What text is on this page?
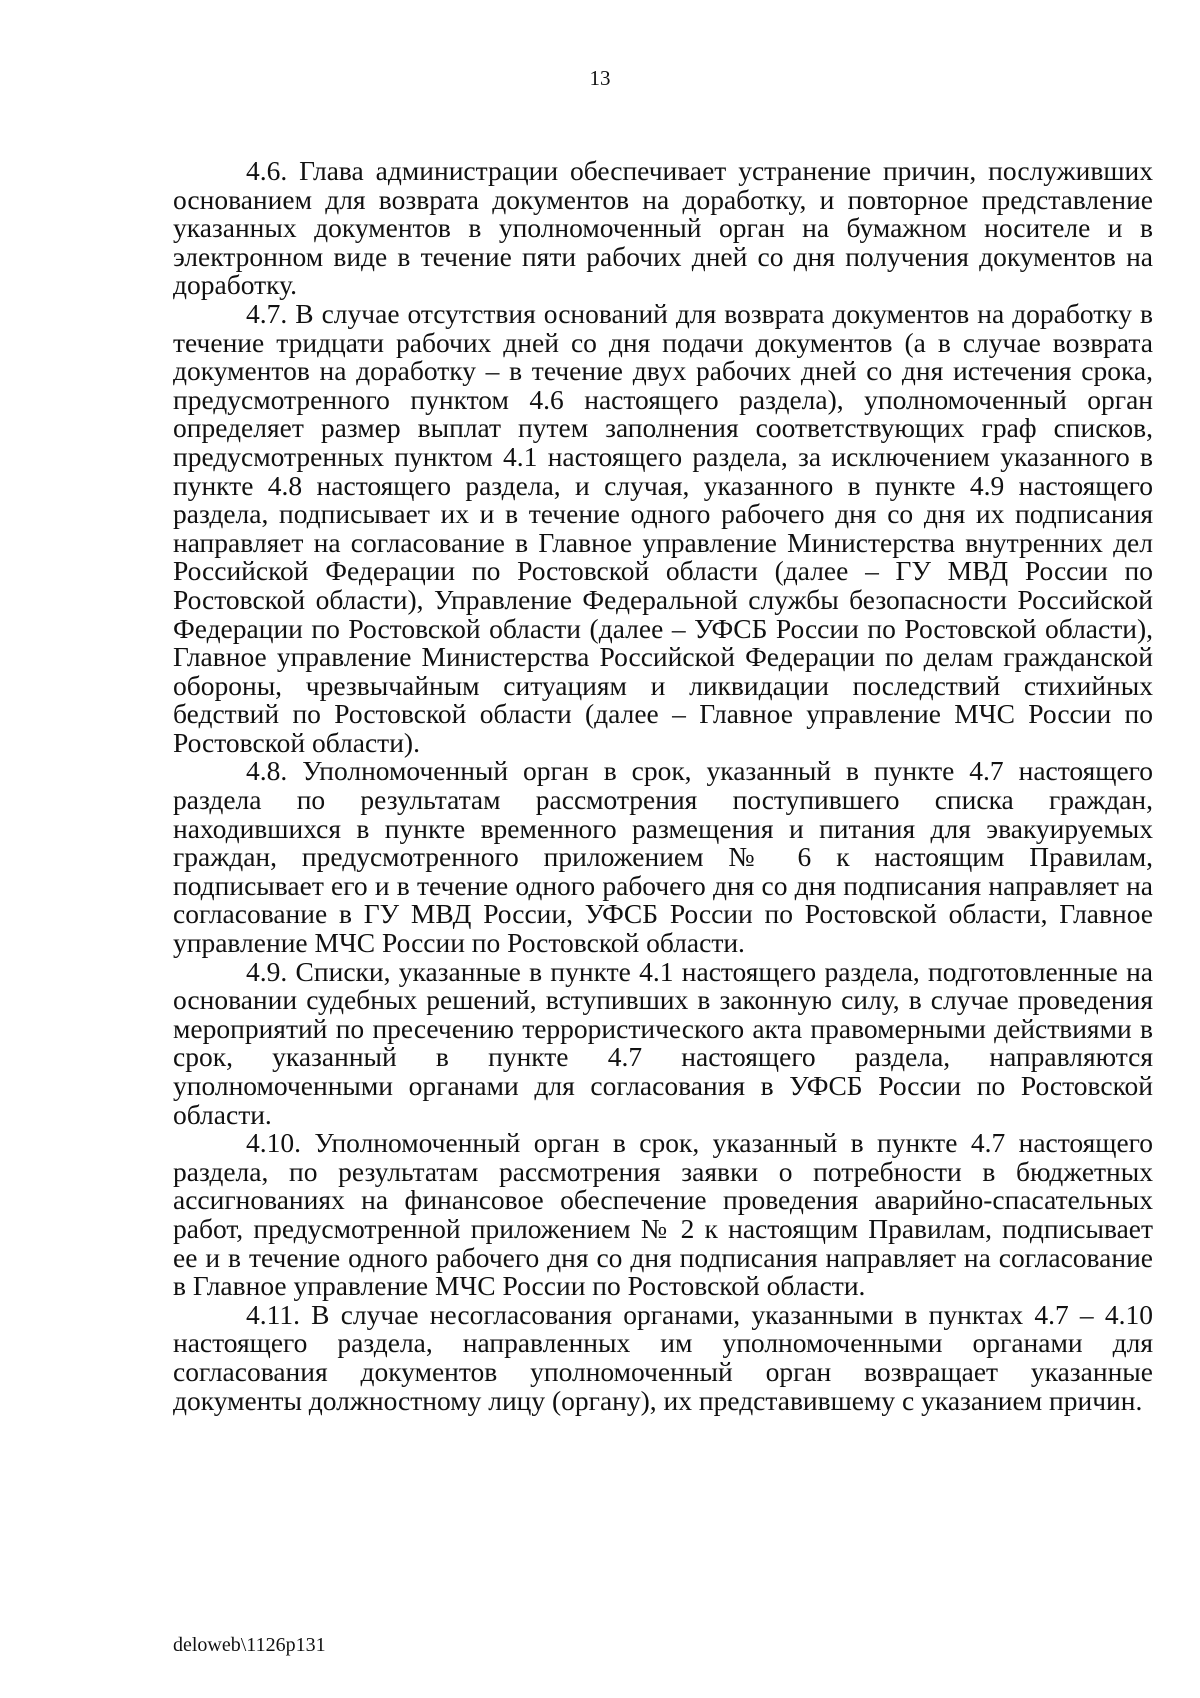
13

4.6. Глава администрации обеспечивает устранение причин, послуживших основанием для возврата документов на доработку, и повторное представление указанных документов в уполномоченный орган на бумажном носителе и в электронном виде в течение пяти рабочих дней со дня получения документов на доработку.

4.7. В случае отсутствия оснований для возврата документов на доработку в течение тридцати рабочих дней со дня подачи документов (а в случае возврата документов на доработку – в течение двух рабочих дней со дня истечения срока, предусмотренного пунктом 4.6 настоящего раздела), уполномоченный орган определяет размер выплат путем заполнения соответствующих граф списков, предусмотренных пунктом 4.1 настоящего раздела, за исключением указанного в пункте 4.8 настоящего раздела, и случая, указанного в пункте 4.9 настоящего раздела, подписывает их и в течение одного рабочего дня со дня их подписания направляет на согласование в Главное управление Министерства внутренних дел Российской Федерации по Ростовской области (далее – ГУ МВД России по Ростовской области), Управление Федеральной службы безопасности Российской Федерации по Ростовской области (далее – УФСБ России по Ростовской области), Главное управление Министерства Российской Федерации по делам гражданской обороны, чрезвычайным ситуациям и ликвидации последствий стихийных бедствий по Ростовской области (далее – Главное управление МЧС России по Ростовской области).

4.8. Уполномоченный орган в срок, указанный в пункте 4.7 настоящего раздела по результатам рассмотрения поступившего списка граждан, находившихся в пункте временного размещения и питания для эвакуируемых граждан, предусмотренного приложением № 6 к настоящим Правилам, подписывает его и в течение одного рабочего дня со дня подписания направляет на согласование в ГУ МВД России, УФСБ России по Ростовской области, Главное управление МЧС России по Ростовской области.

4.9. Списки, указанные в пункте 4.1 настоящего раздела, подготовленные на основании судебных решений, вступивших в законную силу, в случае проведения мероприятий по пресечению террористического акта правомерными действиями в срок, указанный в пункте 4.7 настоящего раздела, направляются уполномоченными органами для согласования в УФСБ России по Ростовской области.

4.10. Уполномоченный орган в срок, указанный в пункте 4.7 настоящего раздела, по результатам рассмотрения заявки о потребности в бюджетных ассигнованиях на финансовое обеспечение проведения аварийно-спасательных работ, предусмотренной приложением № 2 к настоящим Правилам, подписывает ее и в течение одного рабочего дня со дня подписания направляет на согласование в Главное управление МЧС России по Ростовской области.

4.11. В случае несогласования органами, указанными в пунктах 4.7 – 4.10 настоящего раздела, направленных им уполномоченными органами для согласования документов уполномоченный орган возвращает указанные документы должностному лицу (органу), их представившему с указанием причин.

deloweb\1126p131
